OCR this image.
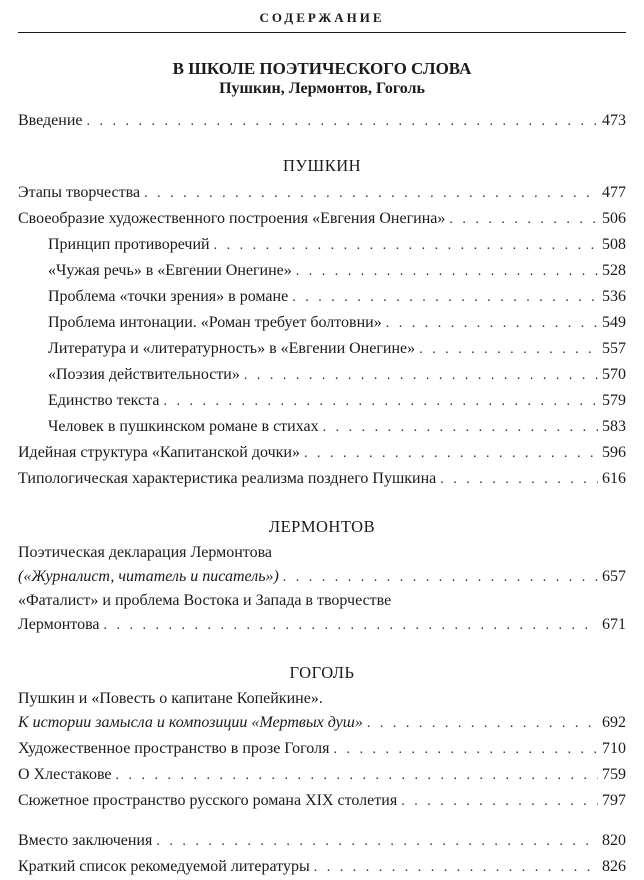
СОДЕРЖАНИЕ
В ШКОЛЕ ПОЭТИЧЕСКОГО СЛОВА
Пушкин, Лермонтов, Гоголь
Введение . . .	473
ПУШКИН
Этапы творчества . . .	477
Своеобразие художественного построения «Евгения Онегина» . . .	506
Принцип противоречий . . .	508
«Чужая речь» в «Евгении Онегине» . . .	528
Проблема «точки зрения» в романе . . .	536
Проблема интонации. «Роман требует болтовни» . . .	549
Литература и «литературность» в «Евгении Онегине» . . .	557
«Поэзия действительности» . . .	570
Единство текста . . .	579
Человек в пушкинском романе в стихах . . .	583
Идейная структура «Капитанской дочки» . . .	596
Типологическая характеристика реализма позднего Пушкина . . .	616
ЛЕРМОНТОВ
Поэтическая декларация Лермонтова
(«Журналист, читатель и писатель») . . .	657
«Фаталист» и проблема Востока и Запада в творчестве
Лермонтова . . .	671
ГОГОЛЬ
Пушкин и «Повесть о капитане Копейкине».
К истории замысла и композиции «Мертвых душ» . . .	692
Художественное пространство в прозе Гоголя . . .	710
О Хлестакове . . .	759
Сюжетное пространство русского романа XIX столетия . . .	797
Вместо заключения . . .	820
Краткий список рекомедуемой литературы . . .	826
